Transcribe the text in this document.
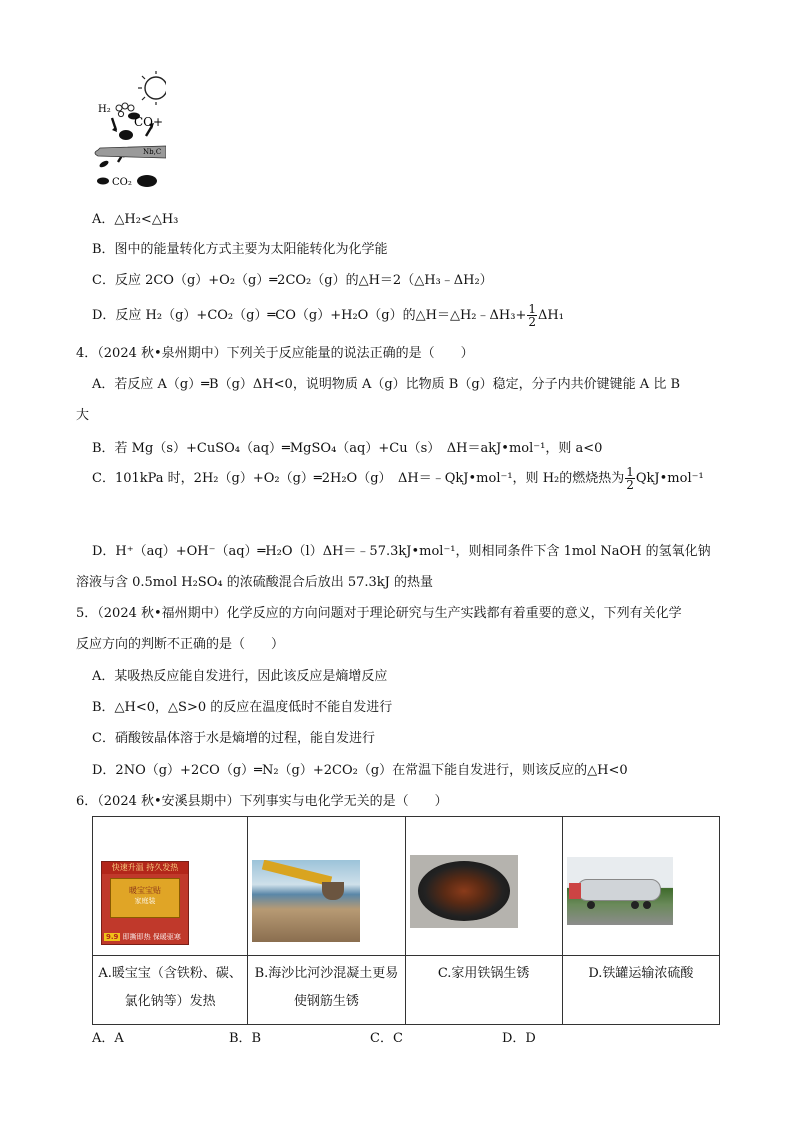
H₂
CO+
Nb,C
CO₂
A．△H₂<△H₃
B．图中的能量转化方式主要为太阳能转化为化学能
C．反应 2CO（g）+O₂（g）═2CO₂（g）的△H＝2（△H₃﹣ΔH₂）
D．反应 H₂（g）+CO₂（g）═CO（g）+H₂O（g）的△H＝△H₂﹣ΔH₃+ $\frac{1}{2} \Delta H_1$
4．（2024 秋•泉州期中）下列关于反应能量的说法正确的是（　　）
A．若反应 A（g）═B（g）ΔH<0，说明物质 A（g）比物质 B（g）稳定，分子内共价键键能 A 比 B
大
B．若 Mg（s）+CuSO₄（aq）═MgSO₄（aq）+Cu（s）　ΔH＝akJ•mol⁻¹，则 a<0
C．101kPa 时，2H₂（g）+O₂（g）═2H₂O（g）　ΔH＝﹣QkJ•mol⁻¹，则 H₂的燃烧热为 $\frac{1}{2}$ QkJ•mol⁻¹
D．H⁺（aq）+OH⁻（aq）═H₂O（l）ΔH＝﹣57.3kJ•mol⁻¹，则相同条件下含 1mol NaOH 的氢氧化钠
溶液与含 0.5mol H₂SO₄ 的浓硫酸混合后放出 57.3kJ 的热量
5．（2024 秋•福州期中）化学反应的方向问题对于理论研究与生产实践都有着重要的意义，下列有关化学
反应方向的判断不正确的是（　　）
A．某吸热反应能自发进行，因此该反应是熵增反应
B．△H<0，△S>0 的反应在温度低时不能自发进行
C．硝酸铵晶体溶于水是熵增的过程，能自发进行
D．2NO（g）+2CO（g）═N₂（g）+2CO₂（g）在常温下能自发进行，则该反应的△H<0
6．（2024 秋•安溪县期中）下列事实与电化学无关的是（　　）
快速升温 持久发热
暖宝宝贴
家庭装
9.9 即撕即热 保暖驱寒			

A.暖宝宝（含铁粉、碳、
氯化钠等）发热	B.海沙比河沙混凝土更易
使钢筋生锈	C.家用铁锅生锈	D.铁罐运输浓硫酸
A．A	B．B	C．C	D．D
